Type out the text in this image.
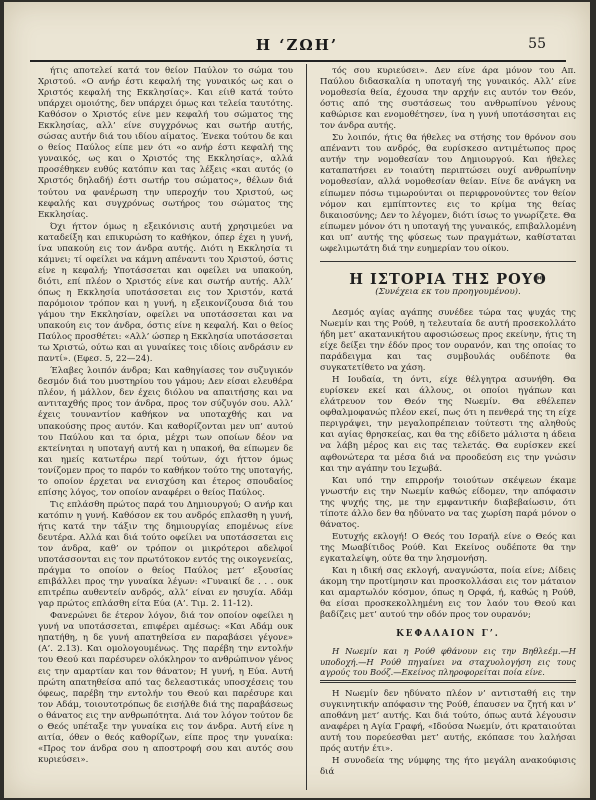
Η ‘ΖΩΗ’	55

ήτις αποτελεί κατά τον θείον Παύλον το σώμα του Χριστού. «Ο ανήρ έστι κεφαλή της γυναικός ως και ο Χριστός κεφαλή της Εκκλησίας». Και είιθ κατά τούτο υπάρχει ομοιότης, δεν υπάρχει όμως και τελεία ταυτότης. Καθόσον ο Χριστός είνε μεν κεφαλή του σώματος της Εκκλησίας, αλλ’ είνε συγχρόνως και σωτήρ αυτής, σώσας αυτήν διά του ιδίου αίματος. Ένεκα τούτου δε και ο θείος Παύλος είπε μεν ότι «ο ανήρ έστι κεφαλή της γυναικός, ως και ο Χριστός της Εκκλησίας», αλλά προσέθηκεν ευθύς κατόπιν και τας λέξεις «και αυτός (ο Χριστός δηλαδή) έστι σωτήρ του σώματος», θέλων διά τούτου να φανέρωση την υπεροχήν του Χριστού, ως κεφαλής και συγχρόνως σωτήρος του σώματος της Εκκλησίας.

Όχι ήττον όμως η εξεικόνισις αυτή χρησιμεύει να καταδείξη και επικυρώση το καθήκον, όπερ έχει η γυνή, ίνα υπακούη εις τον άνδρα αυτής. Διότι η Εκκλησία τι κάμνει; τί οφείλει να κάμνη απέναντι του Χριστού, όστις είνε η κεφαλή; Υποτάσσεται και οφείλει να υπακούη, διότι, επί πλέον ο Χριστός είνε και σωτήρ αυτής. Αλλ’ όπως η Εκκλησία υποτάσσεται εις τον Χριστόν, κατά παρόμοιον τρόπον και η γυνή, η εξεικονίζουσα διά του γάμου την Εκκλησίαν, οφείλει να υποτάσσεται και να υπακούη εις τον άνδρα, όστις είνε η κεφαλή. Και ο θείος Παύλος προσθέτει: «Αλλ’ ώσπερ η Εκκλησία υποτάσσεται τω Χριστώ, ούτω και αι γυναίκες τοις ιδίοις ανδράσιν εν παντί». (Εφεσ. 5, 22—24).

Έλαβες λοιπόν άνδρα; Και καθηγίασες τον συζυγικόν δεσμόν διά του μυστηρίου του γάμου; Δεν είσαι ελευθέρα πλέον, ή μάλλον, δεν έχεις διόλου να απαιτήσης και να αντιταχθής προς τον άνδρα, προς τον σύζυγόν σου. Αλλ’ έχεις τουναντίον καθήκον να υποταχθής και να υπακούσης προς αυτόν. Και καθορίζονται μεν υπ’ αυτού του Παύλου και τα όρια, μέχρι των οποίων δέον να εκτείνηται η υποταγή αυτή και η υπακοή, θα είπωμεν δε και ημείς κατωτέρω περί τούτων, όχι ήττον όμως τονίζομεν προς το παρόν το καθήκον τούτο της υποταγής, το οποίον έρχεται να ενισχύση και έτερος σπουδαίος επίσης λόγος, τον οποίον αναφέρει ο θείος Παύλος.

Τις επλάσθη πρώτος παρά του Δημιουργού; Ο ανήρ και κατόπιν η γυνή. Καθόσον εκ του ανδρός επλασθη η γυνή, ήτις κατά την τάξιν της δημιουργίας επομένως είνε δευτέρα. Αλλά και διά τούτο οφείλει να υποτάσσεται εις τον άνδρα, καθ’ ον τρόπον οι μικρότεροι αδελφοί υποτάσσονται εις τον πρωτότοκον εντός της οικογενείας, πράγμα το οποίον ο θείος Παύλος μετ’ εξουσίας επιβάλλει προς την γυναίκα λέγων: «Γυναικί δε . . . ουκ επιτρέπω αυθεντείν ανδρός, αλλ’ είναι εν ησυχία. Αδάμ γαρ πρώτος επλάσθη είτα Εύα (Α’. Τιμ. 2. 11-12).

Φανερώνει δε έτερον λόγον, διά τον οποίον οφείλει η γυνή να υποτάσσεται, επιφέρει αμέσως: «Και Αδάμ ουκ ηπατήθη, η δε γυνή απατηθείσα εν παραβάσει γέγονε» (Α’. 2.13). Και ομολογουμένως. Της παρέβη την εντολήν του Θεού και παρέσυρεν ολόκληρον το ανθρώπινον γένος εις την αμαρτίαν και τον θάνατον; Η γυνή, η Εύα. Αυτή πρώτη απατηθείσα από τας δελεαστικάς υποσχέσεις του όφεως, παρέβη την εντολήν του Θεού και παρέσυρε και τον Αδάμ, τοιουτοτρόπως δε εισήλθε διά της παραβάσεως ο θάνατος εις την ανθρωπότητα. Διά τον λόγον τούτον δε ο Θεός υπέταξε την γυναίκα εις τον άνδρα. Αυτή είνε η αιτία, όθεν ο θεός καθορίζων, είπε προς την γυναίκα: «Προς τον άνδρα σου η αποστροφή σου και αυτός σου κυριεύσει».

τός σου κυριεύσει». Δεν είνε άρα μόνον του Απ. Παύλου διδασκαλία η υποταγή της γυναικός. Αλλ’ είνε νομοθεσία θεία, έχουσα την αρχήν εις αυτόν τον Θεόν, όστις από της συστάσεως του ανθρωπίνου γένους καθώρισε και ενομοθέτησεν, ίνα η γυνή υποτάσσηται εις τον άνδρα αυτής.

Συ λοιπόν, ήτις θα ήθελες να στήσης τον θρόνον σου απέναντι του ανδρός, θα ευρίσκεσο αντιμέτωπος προς αυτήν την νομοθεσίαν του Δημιουργού. Και ήθελες καταπατήσει εν τοιαύτη περιπτώσει ουχί ανθρωπίνην νομοθεσίαν, αλλά νομοθεσίαν θείαν. Είνε δε ανάγκη να είπωμεν πόσω τιμωρούνται οι περιφρονούντες τον θείον νόμον και εμπίπτοντες εις το κρίμα της θείας δικαιοσύνης; Δεν το λέγομεν, διότι ίσως το γνωρίζετε. Θα είπωμεν μόνον ότι η υποταγή της γυναικός, επιβαλλομένη και υπ’ αυτής της φύσεως των πραγμάτων, καθίσταται ωφελιμωτάτη διά την ευημερίαν του οίκου.

Η ΙΣΤΟΡΙΑ ΤΗΣ ΡΟΥΘ
(Συνέχεια εκ του προηγουμένου).

Δεσμός αγίας αγάπης συνέδεε τώρα τας ψυχάς της Νωεμίν και της Ρούθ, η τελευταία δε αυτή προσεκολλάτο ήδη μετ’ ακατανικήτου αφοσιώσεως προς εκείνην, ήτις τη είχε δείξει την έδόν προς τον ουρανόν, και της οποίας το παράδειγμα και τας συμβουλάς ουδέποτε θα συγκατετίθετο να χάση.

Η Ιουδαία, τη όντι, είχε θέλγητρα ασυνήθη. Θα ευρίσκεν εκεί και άλλους, οι οποίοι ηγάπων και ελάτρευον τον Θεόν της Νωεμίν. Θα εθέλεπεν οφθαλμοφανώς πλέον εκεί, πως ότι η πενθερά της τη είχε περιγράψει, την μεγαλοπρέπειαν τούτεστι της αληθούς και αγίας θρησκείας, και θα της εδίδετο μάλιστα η άδεια να λάβη μέρος και εις τας τελετάς. Θα ευρίσκεν εκεί αφθονώτερα τα μέσα διά να προοδεύση εις την γνώσιν και την αγάπην του Ιεχωβά.

Και υπό την επιρροήν τοιούτων σκέψεων έκαμε γνωστήν εις την Νωεμίν καθώς είδομεν, την απόφασιν της ψυχής της, με την εμφαντικήν διαβεβαίωσιν, ότι τίποτε άλλο δεν θα ηδύνατο να τας χωρίση παρά μόνον ο θάνατος.

Ευτυχής εκλογή! Ο Θεός του Ισραήλ είνε ο Θεός και της Μωαβίτιδος Ρούθ. Και Εκείνος ουδέποτε θα την εγκαταλείψη, ούτε θα την λησμονήση.

Και η ιδική σας εκλογή, αναγνώστα, ποία είνε; Δίδεις άκομη την προτίμησιν και προσκολλάσαι εις τον μάταιον και αμαρτωλόν κόσμον, όπως η Ορφά, ή, καθώς η Ρούθ, θα είσαι προσκεκολλημένη εις τον λαόν του Θεού και βαδίζεις μετ’ αυτού την οδόν προς τον ουρανόν;

ΚΕΦΑΛΑΙΟΝ Γ’.

Η Νωεμίν και η Ρούθ φθάνουν εις την Βηθλεέμ.—Η υποδοχή.—Η Ρούθ πηγαίνει να σταχυολογήση εις τους αγρούς του Βοόζ.—Εκείνος πληροφορείται ποία είνε.

Η Νωεμίν δεν ηδύνατο πλέον ν’ αντισταθή εις την συγκινητικήν απόφασιν της Ρούθ, έπαυσεν να ζητή και ν’ αποθάνη μετ’ αυτής. Και διά τούτο, όπως αυτά λέγουσιν αναφέρει η Αγία Γραφή, «Ιδούσα Νωεμίν, ότι κραταιούται αυτή του πορεύεσθαι μετ’ αυτής, εκόπασε του λαλήσαι πρός αυτήν έτι».

Η συνοδεία της νύμφης της ήτο μεγάλη ανακούφισις διά
